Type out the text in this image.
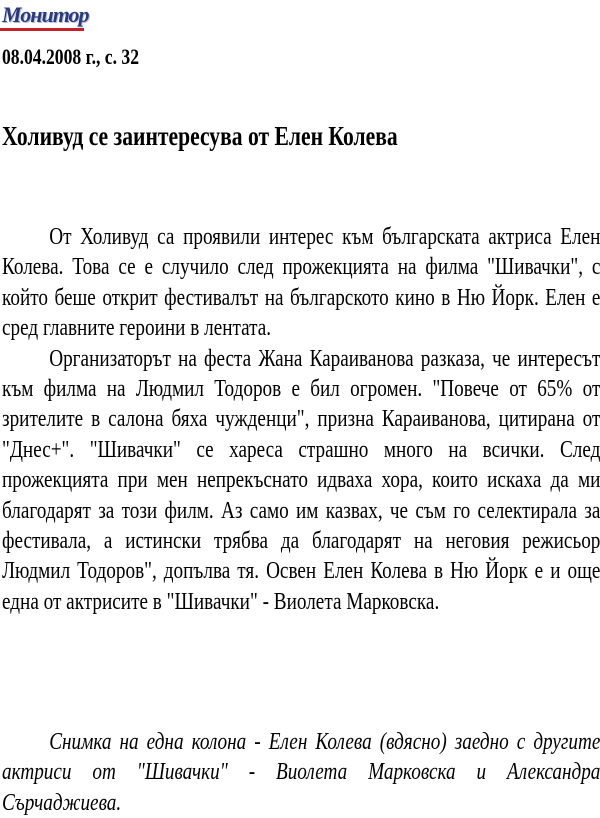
Монитор
08.04.2008 г., с. 32
Холивуд се заинтересува от Елен Колева

От Холивуд са проявили интерес към българската актриса Елен Колева. Това се е случило след прожекцията на филма "Шивачки", с който беше открит фестивалът на българското кино в Ню Йорк. Елен е сред главните героини в лентата.

Организаторът на феста Жана Караиванова разказа, че интересът към филма на Людмил Тодоров е бил огромен. "Повече от 65% от зрителите в салона бяха чужденци", призна Караиванова, цитирана от "Днес+". "Шивачки" се хареса страшно много на всички. След прожекцията при мен непрекъснато идваха хора, които искаха да ми благодарят за този филм. Аз само им казвах, че съм го селектирала за фестивала, а истински трябва да благодарят на неговия режисьор Людмил Тодоров", допълва тя. Освен Елен Колева в Ню Йорк е и още една от актрисите в "Шивачки" - Виолета Марковска.

Снимка на една колона - Елен Колева (вдясно) заедно с другите актриси от "Шивачки" - Виолета Марковска и Александра Сърчаджиева.
